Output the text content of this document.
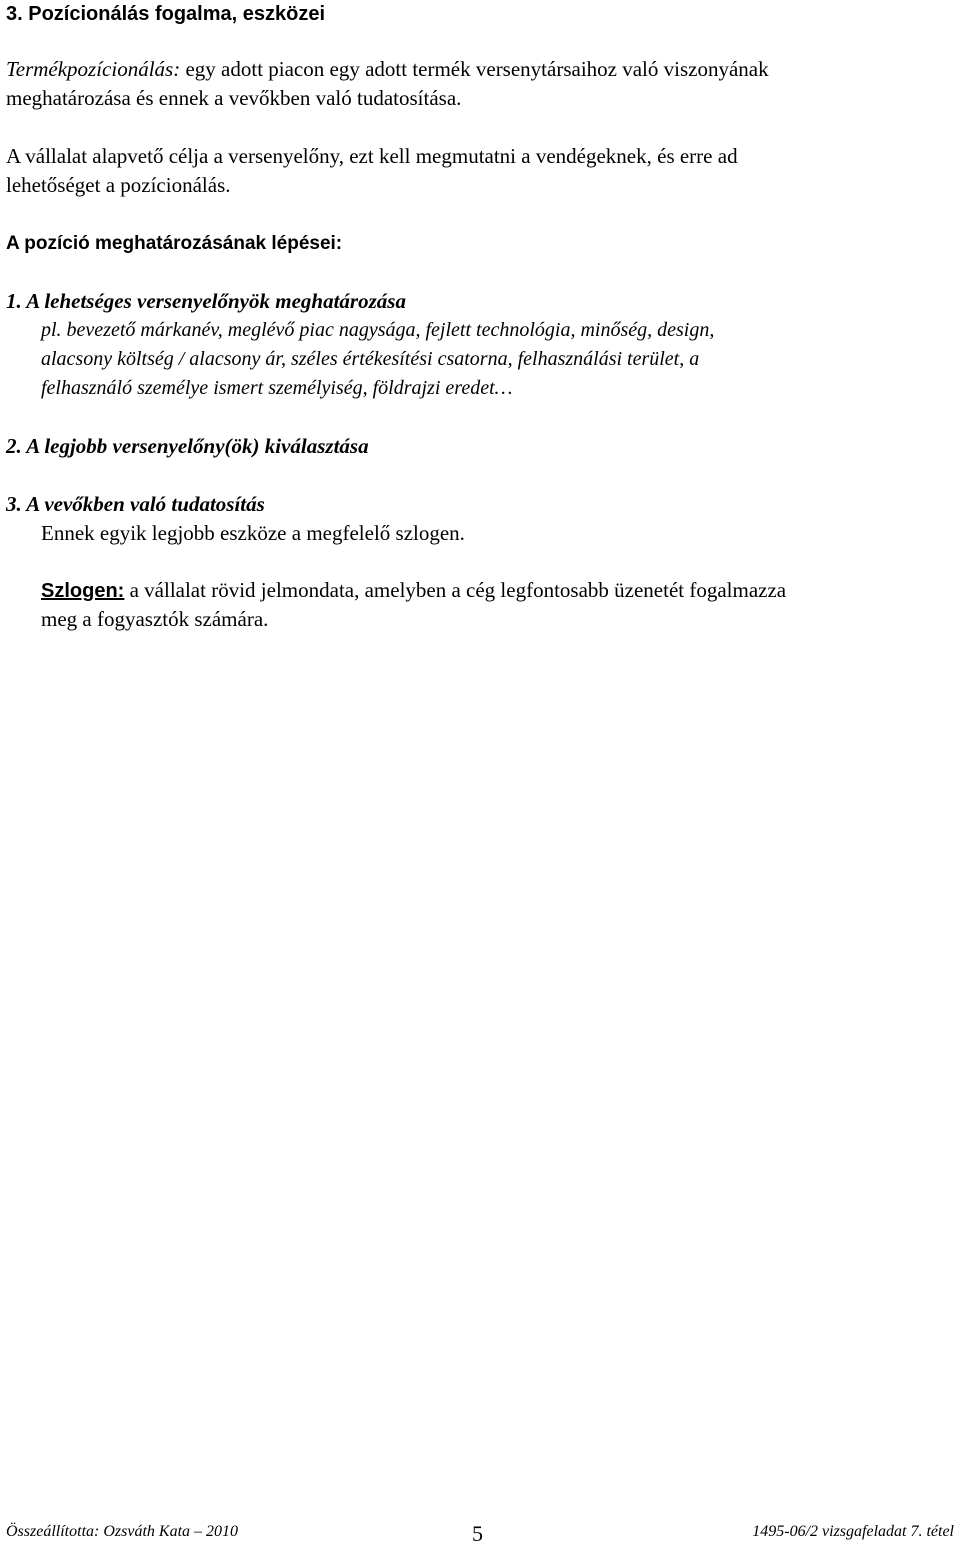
3. Pozícionálás fogalma, eszközei
Termékpozícionálás: egy adott piacon egy adott termék versenytársaihoz való viszonyának
meghatározása és ennek a vevőkben való tudatosítása.
A vállalat alapvető célja a versenyelőny, ezt kell megmutatni a vendégeknek, és erre ad
lehetőséget a pozícionálás.
A pozíció meghatározásának lépései:
1. A lehetséges versenyelőnyök meghatározása
pl. bevezető márkanév, meglévő piac nagysága, fejlett technológia, minőség, design,
alacsony költség / alacsony ár, széles értékesítési csatorna, felhasználási terület, a
felhasználó személye ismert személyiség, földrajzi eredet…
2. A legjobb versenyelőny(ök) kiválasztása
3. A vevőkben való tudatosítás
Ennek egyik legjobb eszköze a megfelelő szlogen.
Szlogen: a vállalat rövid jelmondata, amelyben a cég legfontosabb üzenetét fogalmazza
meg a fogyasztók számára.
Összeállította: Ozsváth Kata – 2010	5	1495-06/2 vizsgafeladat 7. tétel
